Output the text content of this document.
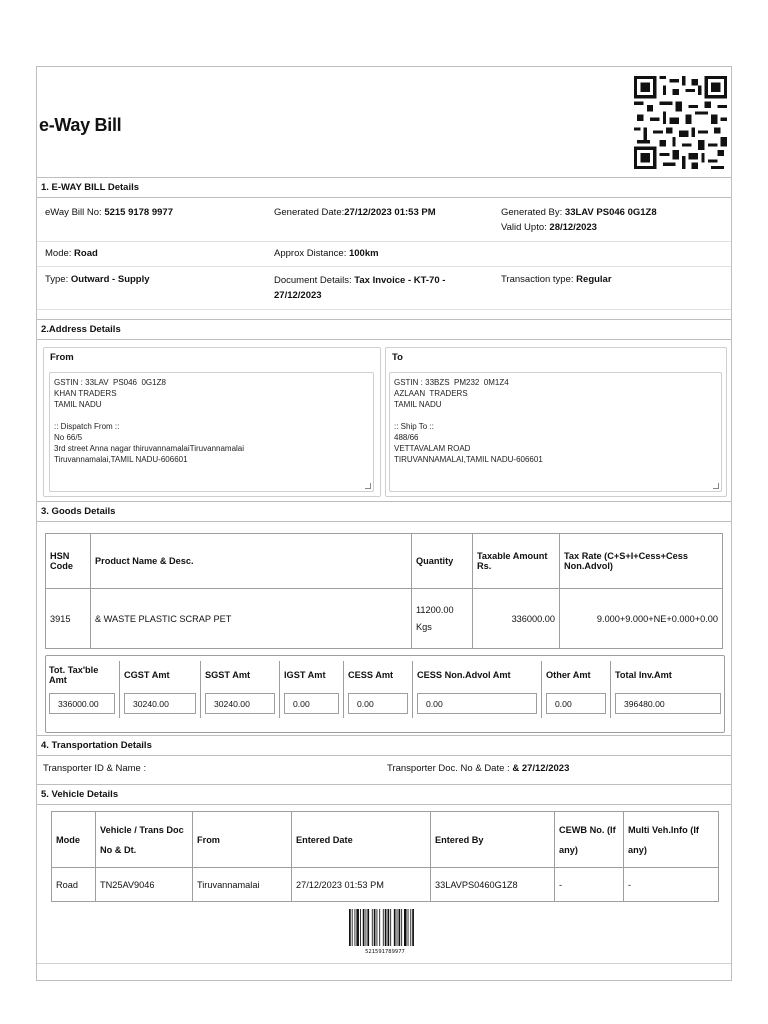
e-Way Bill
1. E-WAY BILL Details
eWay Bill No: 5215 9178 9977	Generated Date:27/12/2023 01:53 PM	Generated By: 33LAV PS046 0G1Z8
Valid Upto: 28/12/2023
Mode: Road	Approx Distance: 100km
Type: Outward - Supply	Document Details: Tax Invoice - KT-70 -
27/12/2023
Transaction type: Regular
2.Address Details
From
GSTIN : 33LAV  PS046  0G1Z8
KHAN TRADERS
TAMIL NADU

:: Dispatch From ::
No 66/5
3rd street Anna nagar thiruvannamalaiTiruvannamalai
Tiruvannamalai,TAMIL NADU-606601
To
GSTIN : 33BZS  PM232  0M1Z4
AZLAAN  TRADERS
TAMIL NADU

:: Ship To ::
488/66
VETTAVALAM ROAD
TIRUVANNAMALAI,TAMIL NADU-606601
3. Goods Details
HSN Code	Product Name & Desc.	Quantity	Taxable Amount Rs.	Tax Rate (C+S+I+Cess+Cess Non.Advol)
3915	& WASTE PLASTIC SCRAP PET	11200.00
Kgs	336000.00	9.000+9.000+NE+0.000+0.00
Tot. Tax'ble Amt	CGST Amt	SGST Amt	IGST Amt	CESS Amt	CESS Non.Advol Amt	Other Amt	Total Inv.Amt

336000.00	30240.00	30240.00	0.00	0.00	0.00	0.00	396480.00
4. Transportation Details
Transporter ID & Name :	Transporter Doc. No & Date : & 27/12/2023
5. Vehicle Details
Mode	Vehicle / Trans Doc No & Dt.	From	Entered Date	Entered By	CEWB No. (If any)	Multi Veh.Info (If any)
Road	TN25AV9046	Tiruvannamalai	27/12/2023 01:53 PM	33LAVPS0460G1Z8	-	-
521591789977
